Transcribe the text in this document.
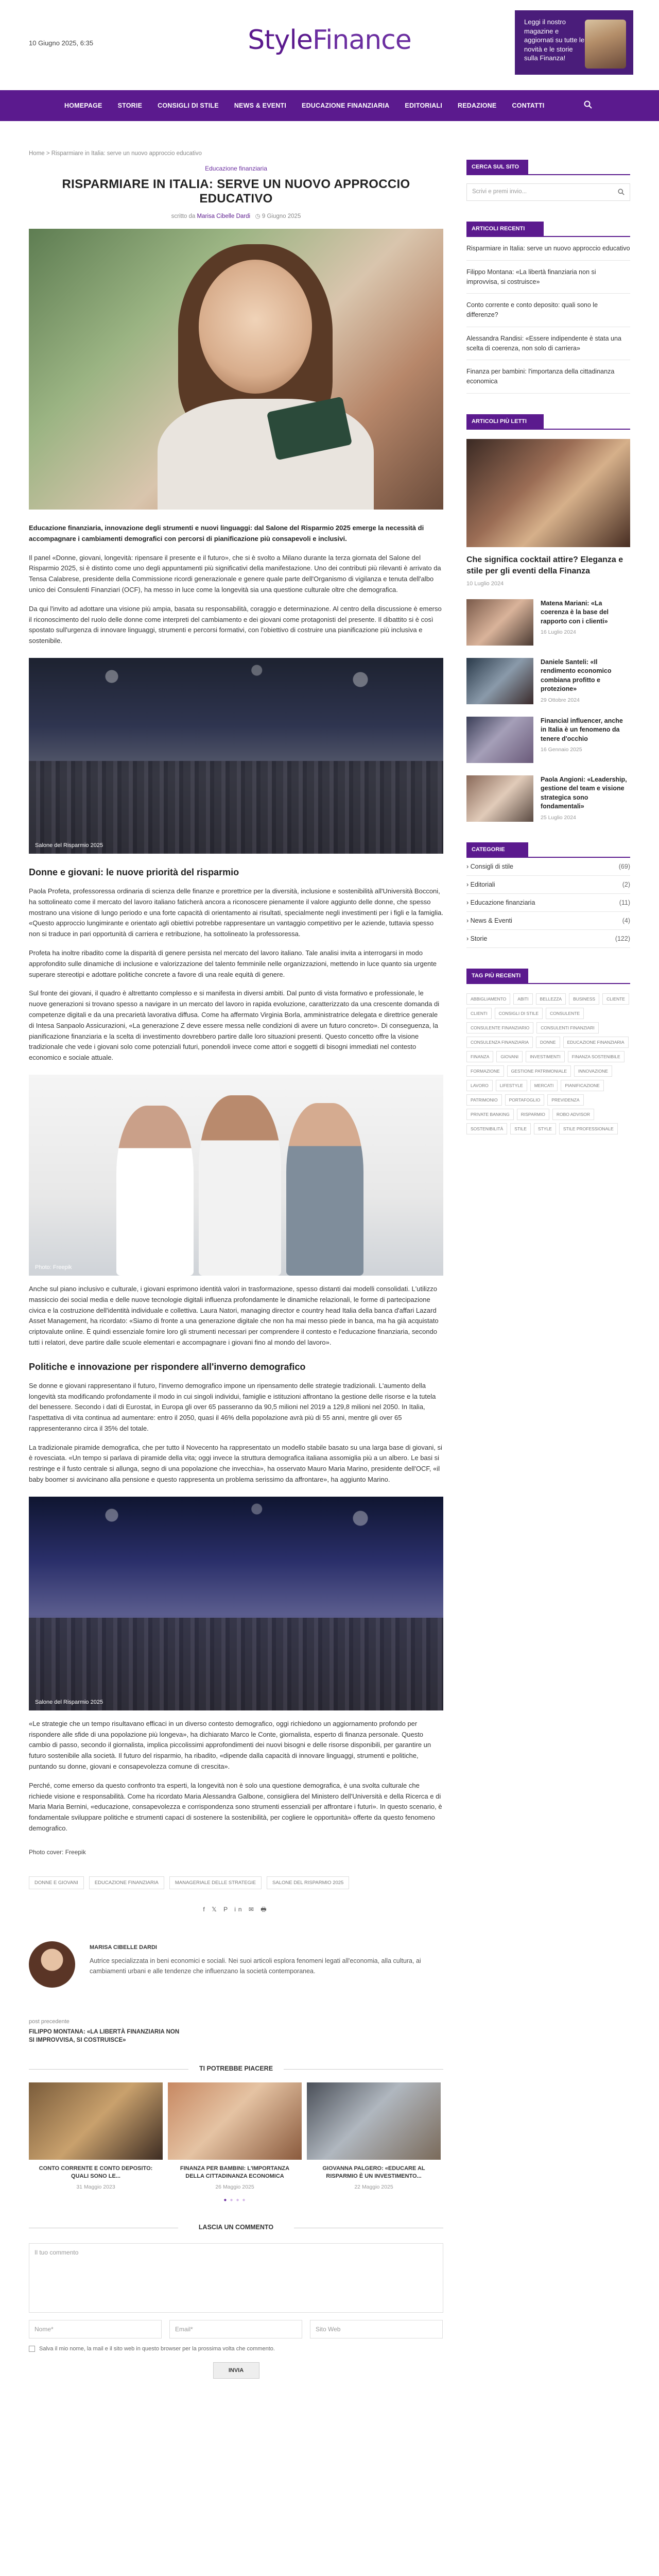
10 Giugno 2025, 6:35	StyleFinance
Leggi il nostro magazine e aggiornati su tutte le novità e le storie sulla Finanza!
HOMEPAGE	STORIE	CONSIGLI DI STILE	NEWS & EVENTI	EDUCAZIONE FINANZIARIA	EDITORIALI	REDAZIONE	CONTATTI
Home > Risparmiare in Italia: serve un nuovo approccio educativo
Educazione finanziaria
RISPARMIARE IN ITALIA: SERVE UN NUOVO APPROCCIO EDUCATIVO
scritto da Marisa Cibelle Dardi   ◷ 9 Giugno 2025

Educazione finanziaria, innovazione degli strumenti e nuovi linguaggi: dal Salone del Risparmio 2025 emerge la necessità di accompagnare i cambiamenti demografici con percorsi di pianificazione più consapevoli e inclusivi.

Il panel «Donne, giovani, longevità: ripensare il presente e il futuro», che si è svolto a Milano durante la terza giornata del Salone del Risparmio 2025, si è distinto come uno degli appuntamenti più significativi della manifestazione. Uno dei contributi più rilevanti è arrivato da Tensa Calabrese, presidente della Commissione ricordi generazionale e genere quale parte dell'Organismo di vigilanza e tenuta dell'albo unico dei Consulenti Finanziari (OCF), ha messo in luce come la longevità sia una questione culturale oltre che demografica.

Da qui l'invito ad adottare una visione più ampia, basata su responsabilità, coraggio e determinazione. Al centro della discussione è emerso il riconoscimento del ruolo delle donne come interpreti del cambiamento e dei giovani come protagonisti del presente. Il dibattito si è così spostato sull'urgenza di innovare linguaggi, strumenti e percorsi formativi, con l'obiettivo di costruire una pianificazione più inclusiva e sostenibile.

Salone del Risparmio 2025
Donne e giovani: le nuove priorità del risparmio

Paola Profeta, professoressa ordinaria di scienza delle finanze e prorettrice per la diversità, inclusione e sostenibilità all'Università Bocconi, ha sottolineato come il mercato del lavoro italiano faticherà ancora a riconoscere pienamente il valore aggiunto delle donne, che spesso mostrano una visione di lungo periodo e una forte capacità di orientamento ai risultati, specialmente negli investimenti per i figli e la famiglia. «Questo approccio lungimirante e orientato agli obiettivi potrebbe rappresentare un vantaggio competitivo per le aziende, tuttavia spesso non si traduce in pari opportunità di carriera e retribuzione, ha sottolineato la professoressa.

Profeta ha inoltre ribadito come la disparità di genere persista nel mercato del lavoro italiano. Tale analisi invita a interrogarsi in modo approfondito sulle dinamiche di inclusione e valorizzazione del talento femminile nelle organizzazioni, mettendo in luce quanto sia urgente superare stereotipi e adottare politiche concrete a favore di una reale equità di genere.

Sul fronte dei giovani, il quadro è altrettanto complesso e si manifesta in diversi ambiti. Dal punto di vista formativo e professionale, le nuove generazioni si trovano spesso a navigare in un mercato del lavoro in rapida evoluzione, caratterizzato da una crescente domanda di competenze digitali e da una precarietà lavorativa diffusa. Come ha affermato Virginia Borla, amministratrice delegata e direttrice generale di Intesa Sanpaolo Assicurazioni, «La generazione Z deve essere messa nelle condizioni di avere un futuro concreto». Di conseguenza, la pianificazione finanziaria e la scelta di investimento dovrebbero partire dalle loro situazioni presenti. Questo concetto offre la visione tradizionale che vede i giovani solo come potenziali futuri, ponendoli invece come attori e soggetti di bisogni immediati nel contesto economico e sociale attuale.

Photo: Freepik

Anche sul piano inclusivo e culturale, i giovani esprimono identità valori in trasformazione, spesso distanti dai modelli consolidati. L'utilizzo massiccio dei social media e delle nuove tecnologie digitali influenza profondamente le dinamiche relazionali, le forme di partecipazione civica e la costruzione dell'identità individuale e collettiva. Laura Natori, managing director e country head Italia della banca d'affari Lazard Asset Management, ha ricordato: «Siamo di fronte a una generazione digitale che non ha mai messo piede in banca, ma ha già acquistato criptovalute online. È quindi essenziale fornire loro gli strumenti necessari per comprendere il contesto e l'educazione finanziaria, secondo tutti i relatori, deve partire dalle scuole elementari e accompagnare i giovani fino al mondo del lavoro».

Politiche e innovazione per rispondere all'inverno demografico

Se donne e giovani rappresentano il futuro, l'inverno demografico impone un ripensamento delle strategie tradizionali. L'aumento della longevità sta modificando profondamente il modo in cui singoli individui, famiglie e istituzioni affrontano la gestione delle risorse e la tutela del benessere. Secondo i dati di Eurostat, in Europa gli over 65 passeranno da 90,5 milioni nel 2019 a 129,8 milioni nel 2050. In Italia, l'aspettativa di vita continua ad aumentare: entro il 2050, quasi il 46% della popolazione avrà più di 55 anni, mentre gli over 65 rappresenteranno circa il 35% del totale.

La tradizionale piramide demografica, che per tutto il Novecento ha rappresentato un modello stabile basato su una larga base di giovani, si è rovesciata. «Un tempo si parlava di piramide della vita; oggi invece la struttura demografica italiana assomiglia più a un albero. Le basi si restringe e il fusto centrale si allunga, segno di una popolazione che invecchia», ha osservato Mauro Maria Marino, presidente dell'OCF, «il baby boomer si avvicinano alla pensione e questo rappresenta un problema serissimo da affrontare», ha aggiunto Marino.

Salone del Risparmio 2025

«Le strategie che un tempo risultavano efficaci in un diverso contesto demografico, oggi richiedono un aggiornamento profondo per rispondere alle sfide di una popolazione più longeva», ha dichiarato Marco le Conte, giornalista, esperto di finanza personale. Questo cambio di passo, secondo il giornalista, implica piccolissimi approfondimenti dei nuovi bisogni e delle risorse disponibili, per garantire un futuro sostenibile alla società. Il futuro del risparmio, ha ribadito, «dipende dalla capacità di innovare linguaggi, strumenti e politiche, puntando su donne, giovani e consapevolezza comune di crescita».

Perché, come emerso da questo confronto tra esperti, la longevità non è solo una questione demografica, è una svolta culturale che richiede visione e responsabilità. Come ha ricordato Maria Alessandra Galbone, consigliera del Ministero dell'Università e della Ricerca e di Maria Maria Bernini, «educazione, consapevolezza e corrispondenza sono strumenti essenziali per affrontare i futuri». In questo scenario, è fondamentale sviluppare politiche e strumenti capaci di sostenere la sostenibilità, per cogliere le opportunità» offerte da questo fenomeno demografico.

Photo cover: Freepik
DONNE E GIOVANI	EDUCAZIONE FINANZIARIA	MANAGERIALE DELLE STRATEGIE	SALONE DEL RISPARMIO 2025
f 𝕏 P in ✉ 🖶
MARISA CIBELLE DARDI
Autrice specializzata in beni economici e sociali. Nei suoi articoli esplora fenomeni legati all'economia, alla cultura, ai cambiamenti urbani e alle tendenze che influenzano la società contemporanea.
post precedente
FILIPPO MONTANA: «LA LIBERTÀ FINANZIARIA NON SI IMPROVVISA, SI COSTRUISCE»
TI POTREBBE PIACERE
CONTO CORRENTE E CONTO DEPOSITO: QUALI SONO LE...
31 Maggio 2023
FINANZA PER BAMBINI: L'IMPORTANZA DELLA CITTADINANZA ECONOMICA
26 Maggio 2025
GIOVANNA PALGERO: «EDUCARE AL RISPARMIO È UN INVESTIMENTO...
22 Maggio 2025
●●●●
LASCIA UN COMMENTO
Il tuo commento
Nome*	Email*	Sito Web
Salva il mio nome, la mail e il sito web in questo browser per la prossima volta che commento.
INVIA
CERCA SUL SITO
Scrivi e premi invio...
ARTICOLI RECENTI
Risparmiare in Italia: serve un nuovo approccio educativo
Filippo Montana: «La libertà finanziaria non si improvvisa, si costruisce»
Conto corrente e conto deposito: quali sono le differenze?
Alessandra Randisi: «Essere indipendente è stata una scelta di coerenza, non solo di carriera»
Finanza per bambini: l'importanza della cittadinanza economica
ARTICOLI PIÙ LETTI
Che significa cocktail attire? Eleganza e stile per gli eventi della Finanza
10 Luglio 2024
Matena Mariani: «La coerenza è la base del rapporto con i clienti»
16 Luglio 2024
Daniele Santeli: «Il rendimento economico combiana profitto e protezione»
29 Ottobre 2024
Financial influencer, anche in Italia è un fenomeno da tenere d'occhio
16 Gennaio 2025
Paola Angioni: «Leadership, gestione del team e visione strategica sono fondamentali»
25 Luglio 2024
CATEGORIE
› Consigli di stile	(69)
› Editoriali	(2)
› Educazione finanziaria	(11)
› News & Eventi	(4)
› Storie	(122)
TAG PIÙ RECENTI
ABBIGLIAMENTO	ABITI	BELLEZZA	BUSINESS	CLIENTE
CLIENTI	CONSIGLI DI STILE	CONSULENTE
CONSULENTE FINANZIARIO	CONSULENTI FINANZIARI
CONSULENZA FINANZIARIA	DONNE	EDUCAZIONE FINANZIARIA
FINANZA	GIOVANI	INVESTIMENTI	FINANZA SOSTENIBILE
FORMAZIONE	GESTIONE PATRIMONIALE	INNOVAZIONE
LAVORO	LIFESTYLE	MERCATI	PIANIFICAZIONE
PATRIMONIO	PORTAFOGLIO	PREVIDENZA
PRIVATE BANKING	RISPARMIO	ROBO ADVISOR
SOSTENIBILITÀ	STILE	STYLE	STILE PROFESSIONALE
